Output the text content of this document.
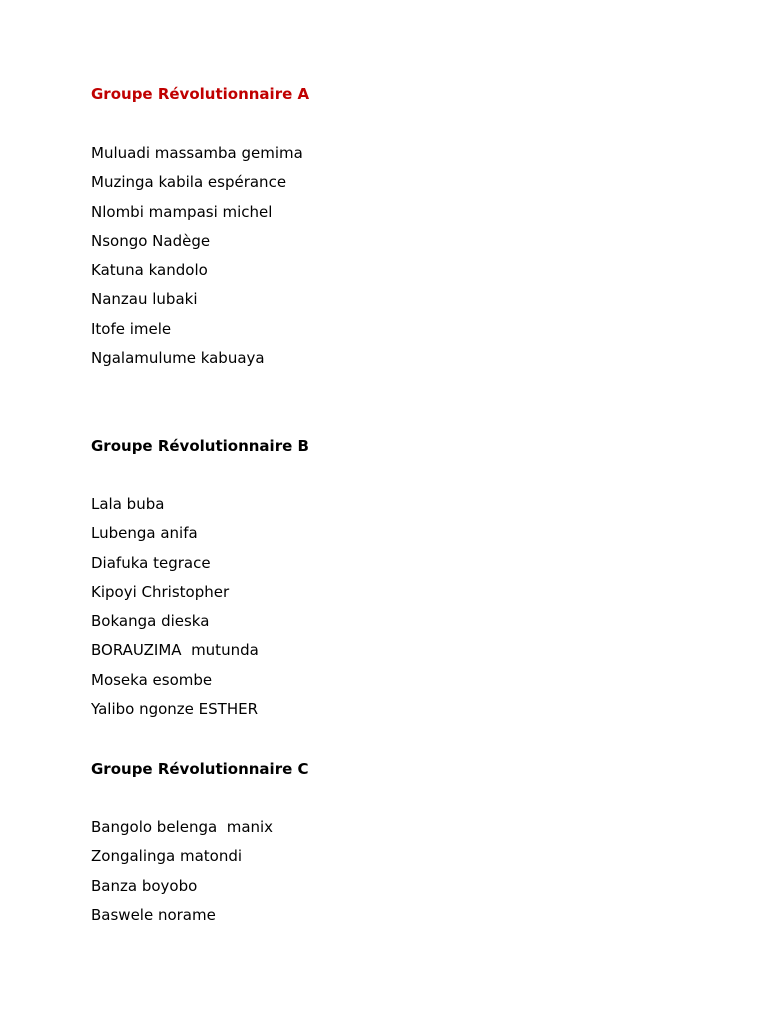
Groupe Révolutionnaire A
Muluadi massamba gemima
Muzinga kabila espérance
Nlombi mampasi michel
Nsongo Nadège
Katuna kandolo
Nanzau lubaki
Itofe imele
Ngalamulume kabuaya
Groupe Révolutionnaire B
Lala buba
Lubenga anifa
Diafuka tegrace
Kipoyi Christopher
Bokanga dieska
BORAUZIMA  mutunda
Moseka esombe
Yalibo ngonze ESTHER
Groupe Révolutionnaire C
Bangolo belenga  manix
Zongalinga matondi
Banza boyobo
Baswele norame
